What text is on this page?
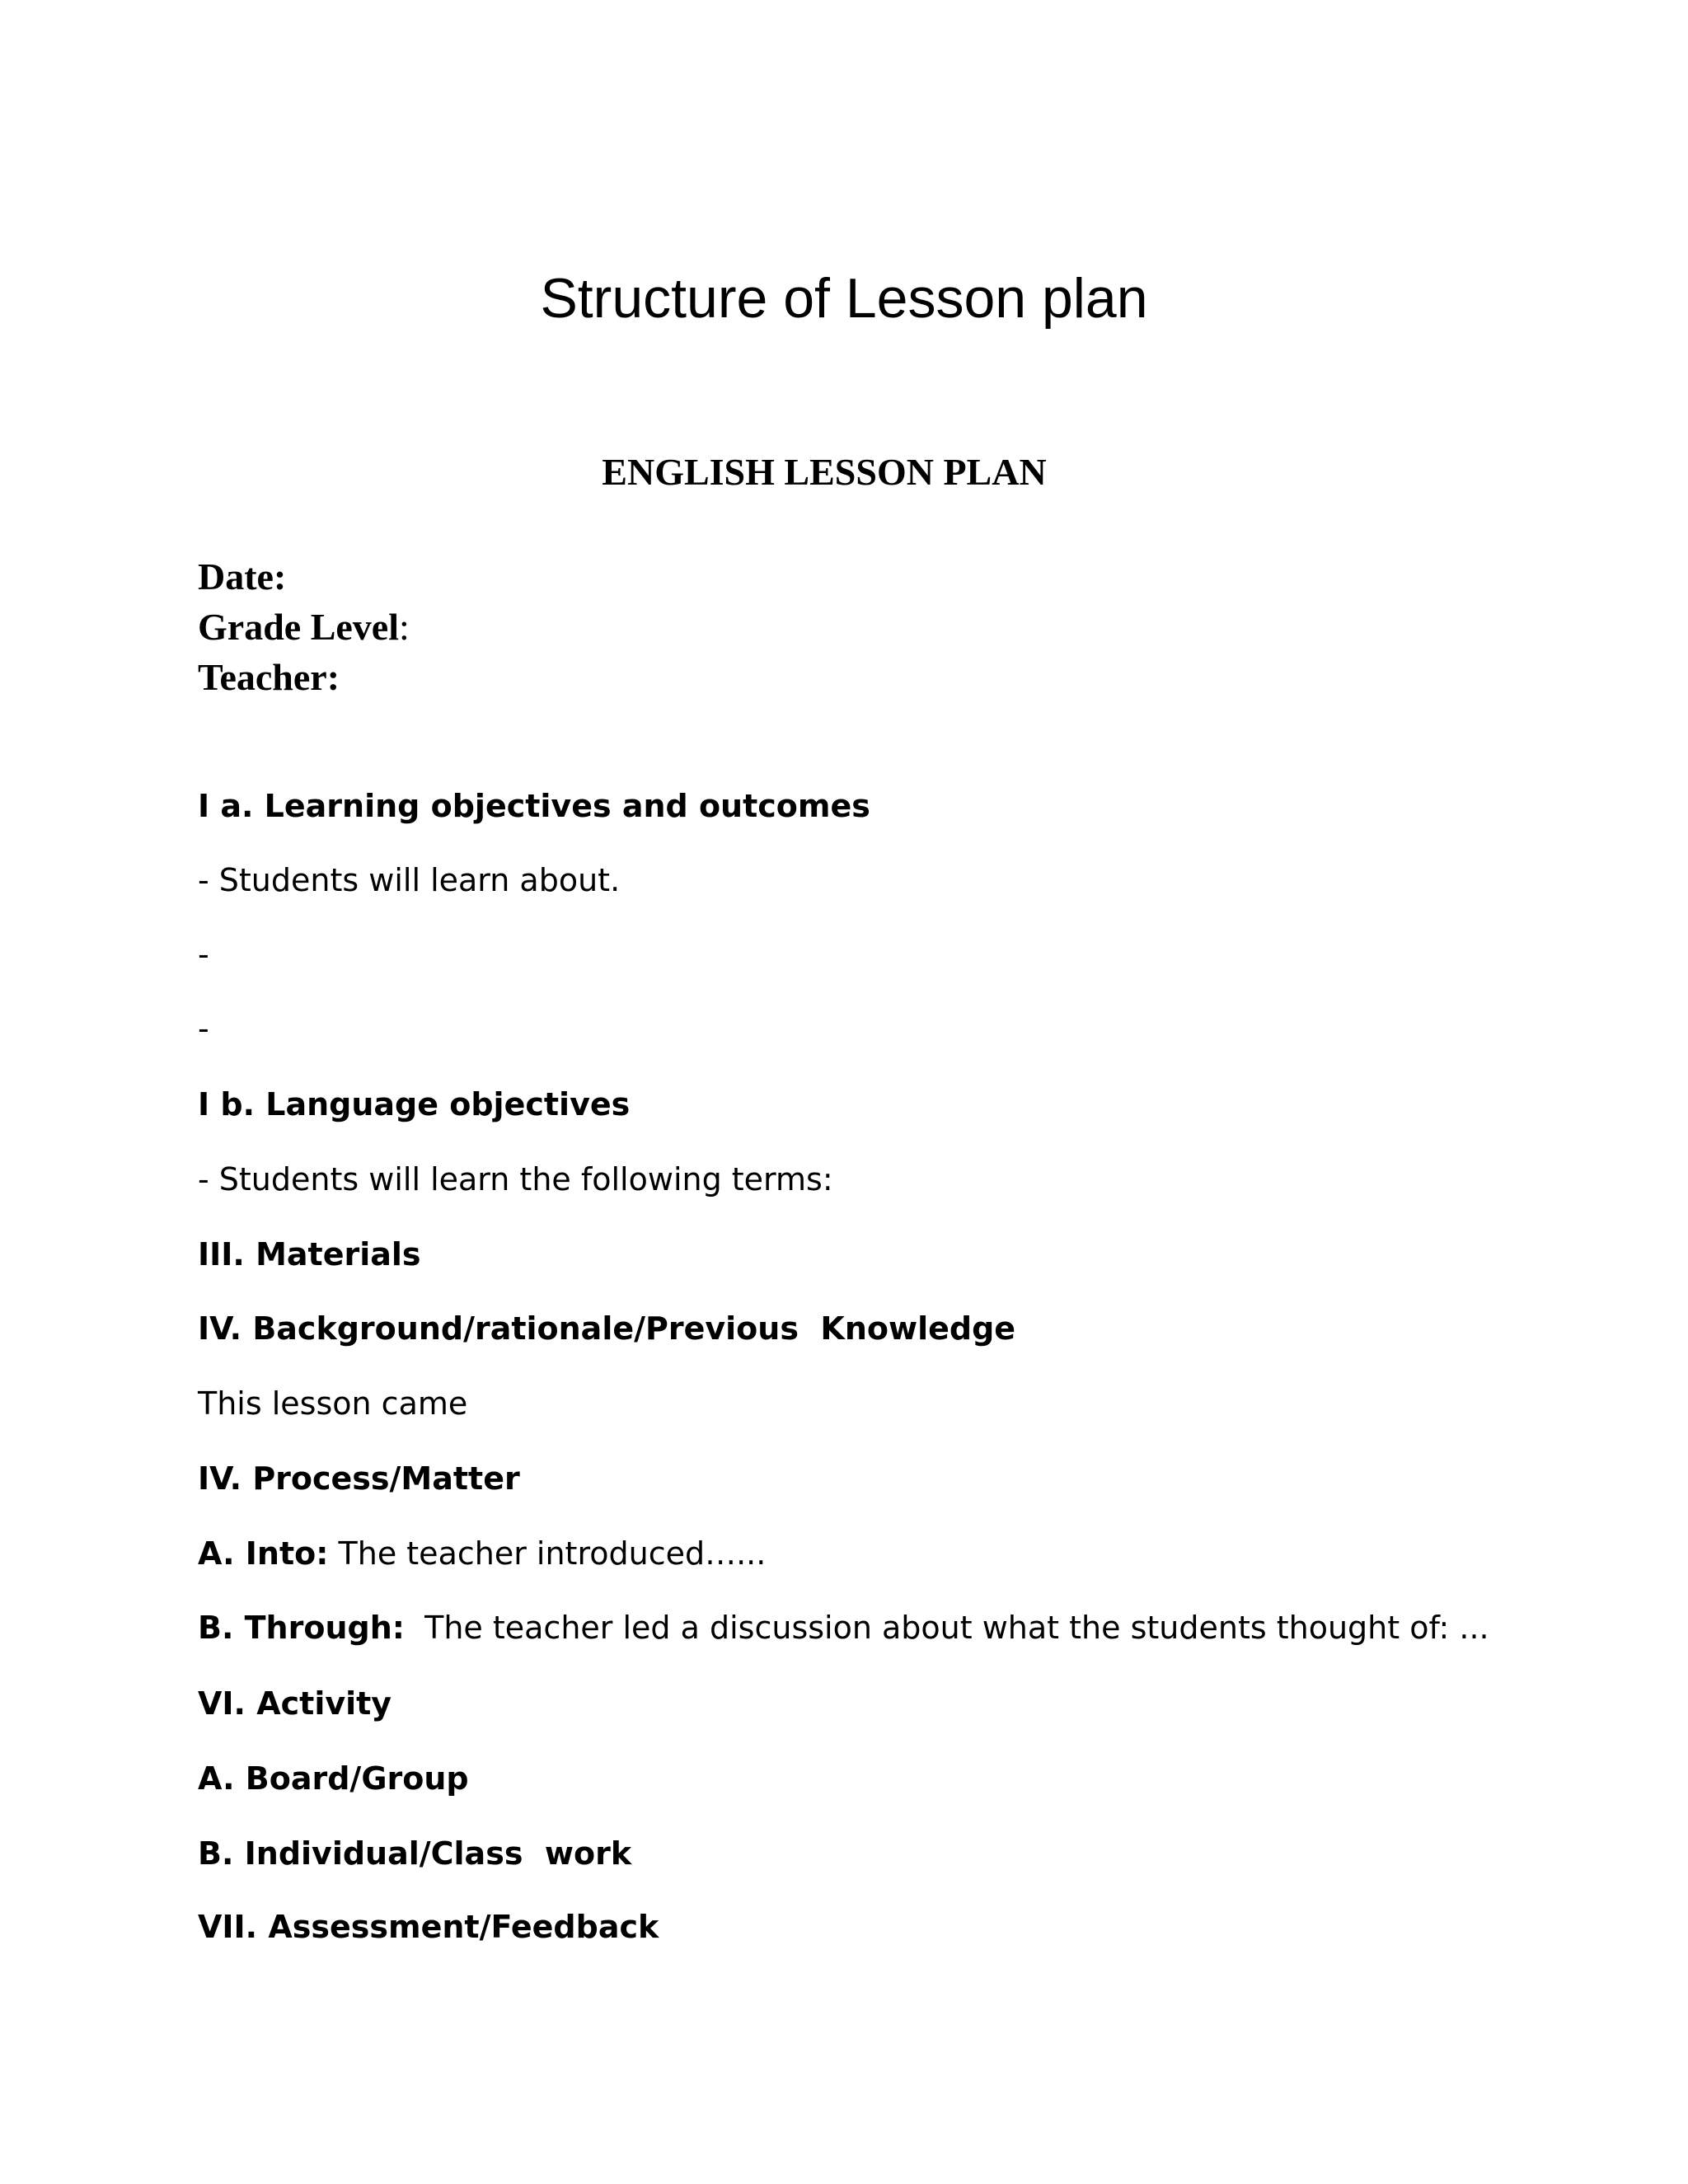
Structure of Lesson plan
ENGLISH LESSON PLAN
Date:
Grade Level:
Teacher:
I a. Learning objectives and outcomes
- Students will learn about.
-
-
I b. Language objectives
- Students will learn the following terms:
III. Materials
IV. Background/rationale/Previous  Knowledge
This lesson came
IV. Process/Matter
A. Into: The teacher introduced…...
B. Through:  The teacher led a discussion about what the students thought of: ...
VI. Activity
A. Board/Group
B. Individual/Class  work
VII. Assessment/Feedback
